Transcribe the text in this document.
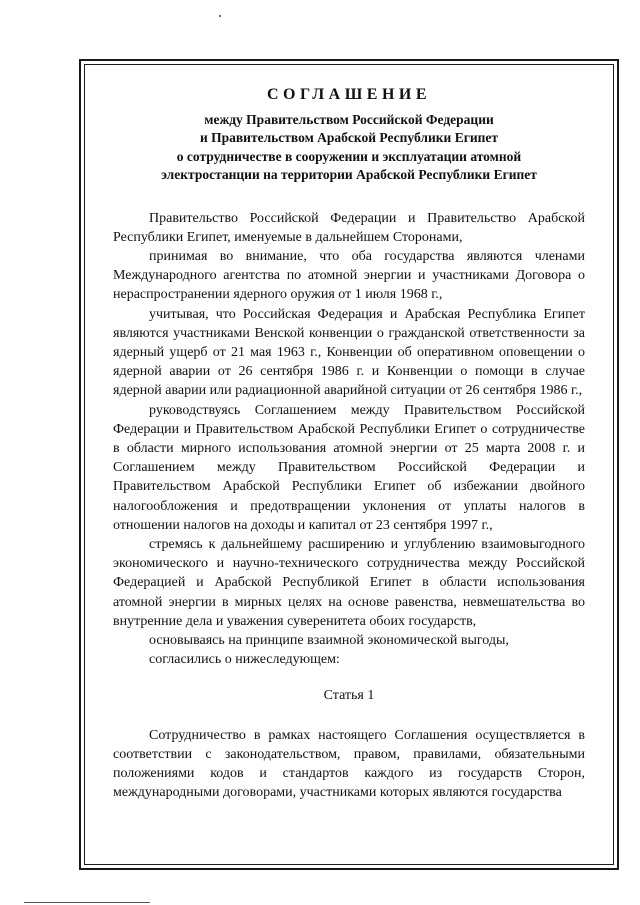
СОГЛАШЕНИЕ
между Правительством Российской Федерации
и Правительством Арабской Республики Египет
о сотрудничестве в сооружении и эксплуатации атомной
электростанции на территории Арабской Республики Египет

Правительство Российской Федерации и Правительство Арабской Республики Египет, именуемые в дальнейшем Сторонами,

принимая во внимание, что оба государства являются членами Международного агентства по атомной энергии и участниками Договора о нераспространении ядерного оружия от 1 июля 1968 г.,

учитывая, что Российская Федерация и Арабская Республика Египет являются участниками Венской конвенции о гражданской ответственности за ядерный ущерб от 21 мая 1963 г., Конвенции об оперативном оповещении о ядерной аварии от 26 сентября 1986 г. и Конвенции о помощи в случае ядерной аварии или радиационной аварийной ситуации от 26 сентября 1986 г.,

руководствуясь Соглашением между Правительством Российской Федерации и Правительством Арабской Республики Египет о сотрудничестве в области мирного использования атомной энергии от 25 марта 2008 г. и Соглашением между Правительством Российской Федерации и Правительством Арабской Республики Египет об избежании двойного налогообложения и предотвращении уклонения от уплаты налогов в отношении налогов на доходы и капитал от 23 сентября 1997 г.,

стремясь к дальнейшему расширению и углублению взаимовыгодного экономического и научно-технического сотрудничества между Российской Федерацией и Арабской Республикой Египет в области использования атомной энергии в мирных целях на основе равенства, невмешательства во внутренние дела и уважения суверенитета обоих государств,

основываясь на принципе взаимной экономической выгоды,

согласились о нижеследующем:

Статья 1

Сотрудничество в рамках настоящего Соглашения осуществляется в соответствии с законодательством, правом, правилами, обязательными положениями кодов и стандартов каждого из государств Сторон, международными договорами, участниками которых являются государства
